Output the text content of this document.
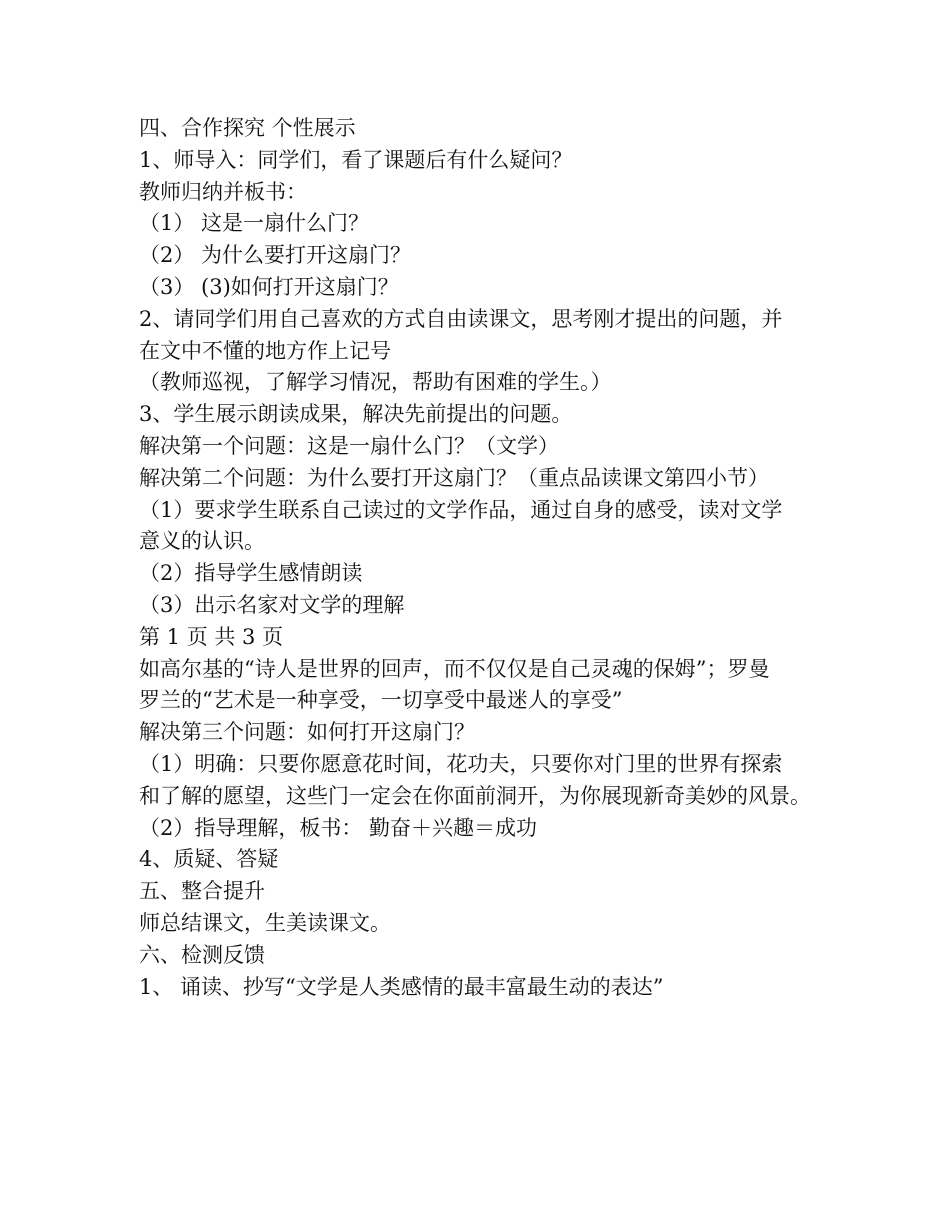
四、合作探究 个性展示

1、师导入：同学们，看了课题后有什么疑问？

教师归纳并板书：

（1） 这是一扇什么门？

（2） 为什么要打开这扇门？

（3） (3)如何打开这扇门？

2、请同学们用自己喜欢的方式自由读课文，思考刚才提出的问题，并

在文中不懂的地方作上记号

（教师巡视，了解学习情况，帮助有困难的学生。）

3、学生展示朗读成果，解决先前提出的问题。

解决第一个问题：这是一扇什么门？（文学）

解决第二个问题：为什么要打开这扇门？（重点品读课文第四小节）

（1）要求学生联系自己读过的文学作品，通过自身的感受，读对文学

意义的认识。

（2）指导学生感情朗读

（3）出示名家对文学的理解

第 1 页 共 3 页

如高尔基的“诗人是世界的回声，而不仅仅是自己灵魂的保姆”；罗曼

罗兰的“艺术是一种享受，一切享受中最迷人的享受”

解决第三个问题：如何打开这扇门？

（1）明确：只要你愿意花时间，花功夫，只要你对门里的世界有探索

和了解的愿望，这些门一定会在你面前洞开，为你展现新奇美妙的风景。

（2）指导理解，板书： 勤奋＋兴趣＝成功

4、质疑、答疑

五、整合提升

师总结课文，生美读课文。

六、检测反馈

1、 诵读、抄写“文学是人类感情的最丰富最生动的表达”
